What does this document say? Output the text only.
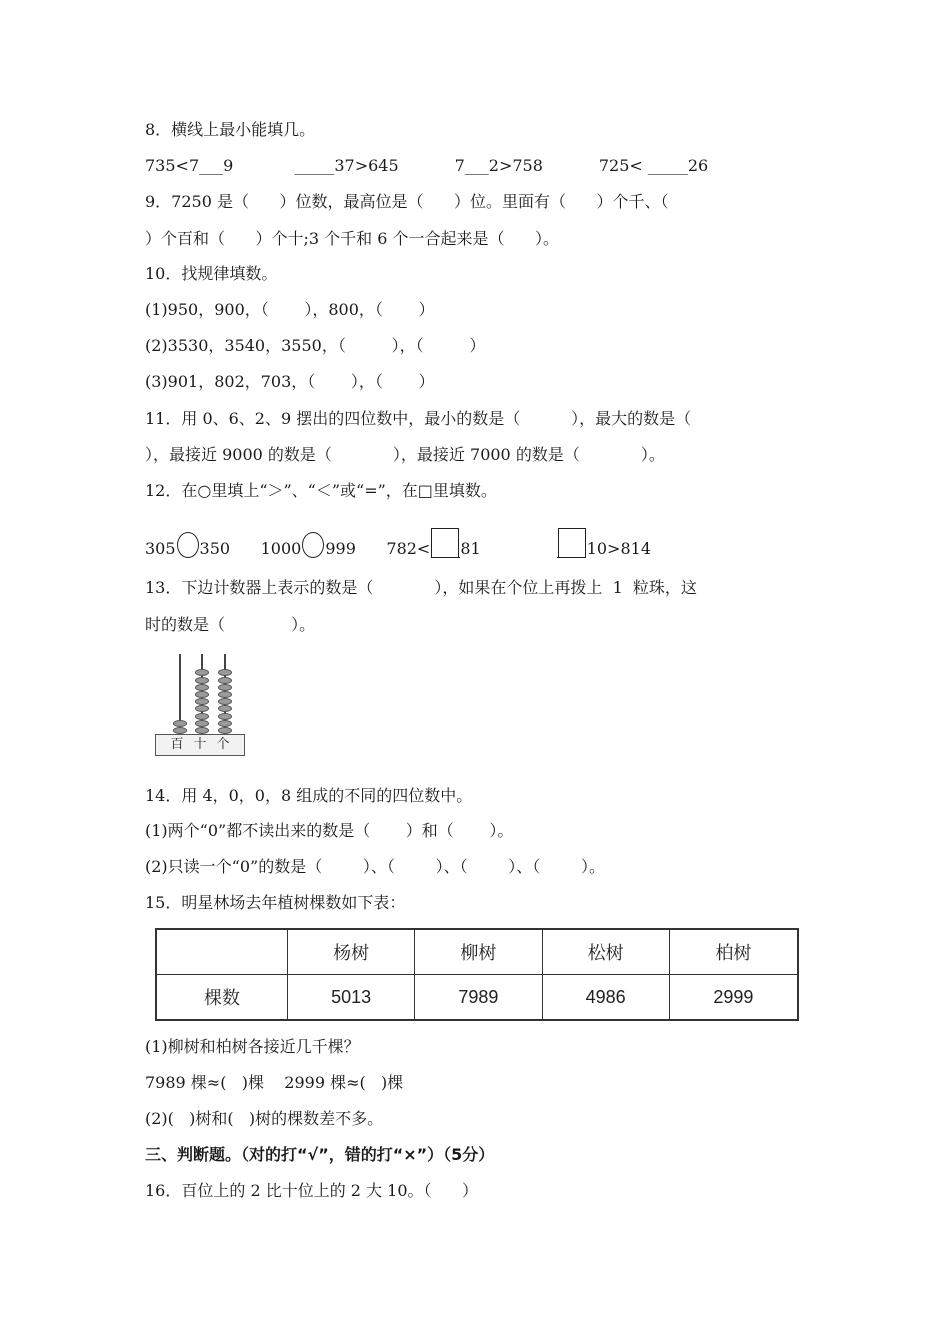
8．横线上最小能填几。
735<7___9            _____37>645           7___2>758           725< _____26
9．7250 是（      ）位数，最高位是（      ）位。里面有（      ）个千、（
）个百和（      ）个十;3 个千和 6 个一合起来是（      ）。
10．找规律填数。
(1)950，900，（       ），800，（       ）
(2)3530，3540，3550，（         ），（         ）
(3)901，802，703，（       ），（       ）
11．用 0、6、2、9 摆出的四位数中，最小的数是（          ），最大的数是（
），最接近 9000 的数是（            ），最接近 7000 的数是（            ）。
12．在○里填上“＞”、“＜”或“=”，在□里填数。
305 350      1000 999      782< 81	10>814
13．下边计数器上表示的数是（            ），如果在个位上再拨上  1  粒珠，这
时的数是（             ）。
百十个
14．用 4，0，0，8 组成的不同的四位数中。
(1)两个“0”都不读出来的数是（       ）和（       ）。
(2)只读一个“0”的数是（        ）、（        ）、（        ）、（        ）。
15．明星林场去年植树棵数如下表：
	杨树	柳树	松树	柏树
棵数	5013	7989	4986	2999
(1)柳树和柏树各接近几千棵？
7989 棵≈(   )棵    2999 棵≈(   )棵
(2)(   )树和(   )树的棵数差不多。
三、判断题。（对的打“√”，错的打“×”）（5分）
16．百位上的 2 比十位上的 2 大 10。（      ）
